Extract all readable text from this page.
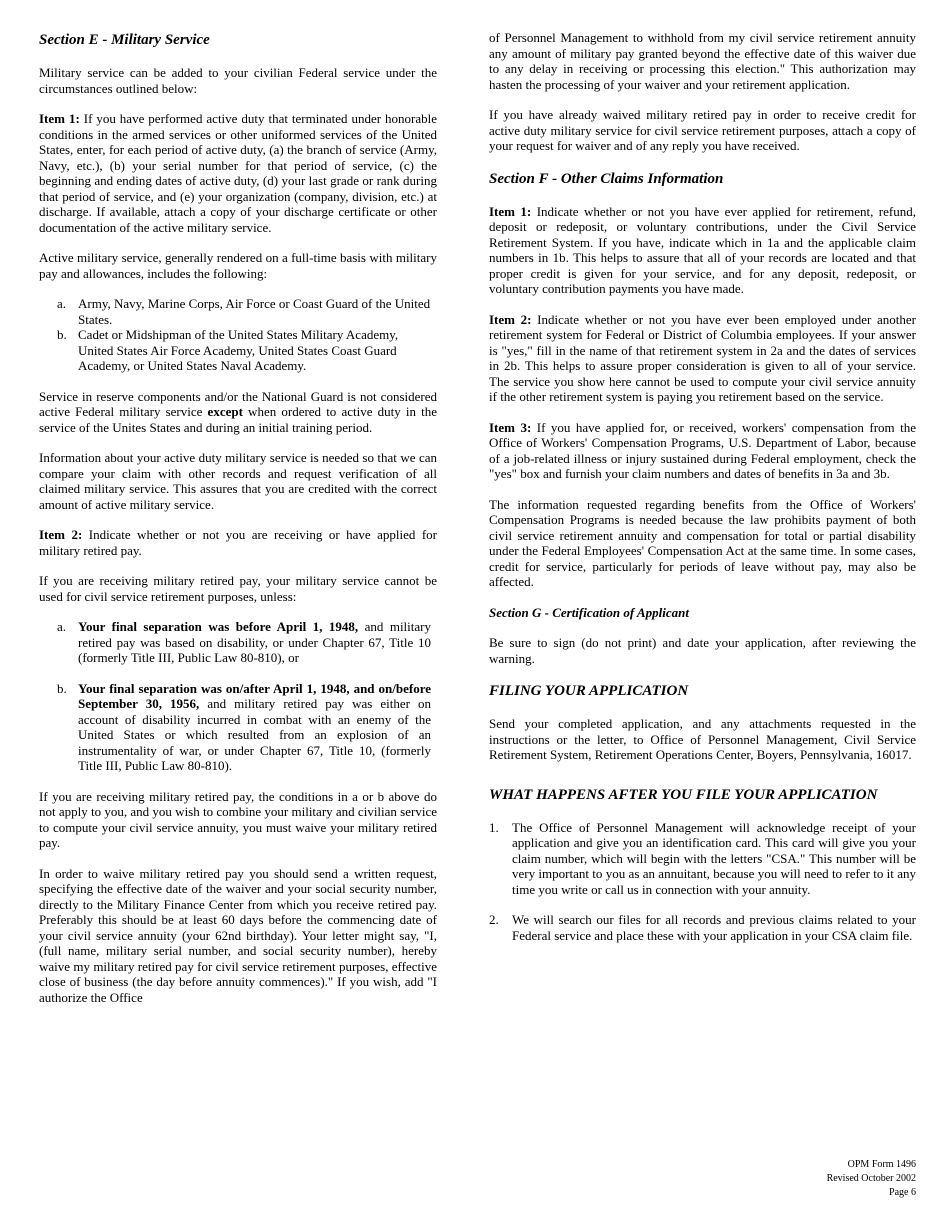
Section E - Military Service

Military service can be added to your civilian Federal service under the circumstances outlined below:

Item 1: If you have performed active duty that terminated under honorable conditions in the armed services or other uniformed services of the United States, enter, for each period of active duty, (a) the branch of service (Army, Navy, etc.), (b) your serial number for that period of service, (c) the beginning and ending dates of active duty, (d) your last grade or rank during that period of service, and (e) your organization (company, division, etc.) at discharge. If available, attach a copy of your discharge certificate or other documentation of the active military service.

Active military service, generally rendered on a full-time basis with military pay and allowances, includes the following:

a. Army, Navy, Marine Corps, Air Force or Coast Guard of the United States.
b. Cadet or Midshipman of the United States Military Academy, United States Air Force Academy, United States Coast Guard Academy, or United States Naval Academy.

Service in reserve components and/or the National Guard is not considered active Federal military service except when ordered to active duty in the service of the Unites States and during an initial training period.

Information about your active duty military service is needed so that we can compare your claim with other records and request verification of all claimed military service. This assures that you are credited with the correct amount of active military service.

Item 2: Indicate whether or not you are receiving or have applied for military retired pay.

If you are receiving military retired pay, your military service cannot be used for civil service retirement purposes, unless:

a. Your final separation was before April 1, 1948, and military retired pay was based on disability, or under Chapter 67, Title 10 (formerly Title III, Public Law 80-810), or
b. Your final separation was on/after April 1, 1948, and on/before September 30, 1956, and military retired pay was either on account of disability incurred in combat with an enemy of the United States or which resulted from an explosion of an instrumentality of war, or under Chapter 67, Title 10, (formerly Title III, Public Law 80-810).

If you are receiving military retired pay, the conditions in a or b above do not apply to you, and you wish to combine your military and civilian service to compute your civil service annuity, you must waive your military retired pay.

In order to waive military retired pay you should send a written request, specifying the effective date of the waiver and your social security number, directly to the Military Finance Center from which you receive retired pay. Preferably this should be at least 60 days before the commencing date of your civil service annuity (your 62nd birthday). Your letter might say, "I, (full name, military serial number, and social security number), hereby waive my military retired pay for civil service retirement purposes, effective close of business (the day before annuity commences)." If you wish, add "I authorize the Office

of Personnel Management to withhold from my civil service retirement annuity any amount of military pay granted beyond the effective date of this waiver due to any delay in receiving or processing this election." This authorization may hasten the processing of your waiver and your retirement application.

If you have already waived military retired pay in order to receive credit for active duty military service for civil service retirement purposes, attach a copy of your request for waiver and of any reply you have received.

Section F - Other Claims Information

Item 1: Indicate whether or not you have ever applied for retirement, refund, deposit or redeposit, or voluntary contributions, under the Civil Service Retirement System. If you have, indicate which in 1a and the applicable claim numbers in 1b. This helps to assure that all of your records are located and that proper credit is given for your service, and for any deposit, redeposit, or voluntary contribution payments you have made.

Item 2: Indicate whether or not you have ever been employed under another retirement system for Federal or District of Columbia employees. If your answer is "yes," fill in the name of that retirement system in 2a and the dates of services in 2b. This helps to assure proper consideration is given to all of your service. The service you show here cannot be used to compute your civil service annuity if the other retirement system is paying you retirement based on the service.

Item 3: If you have applied for, or received, workers' compensation from the Office of Workers' Compensation Programs, U.S. Department of Labor, because of a job-related illness or injury sustained during Federal employment, check the "yes" box and furnish your claim numbers and dates of benefits in 3a and 3b.

The information requested regarding benefits from the Office of Workers' Compensation Programs is needed because the law prohibits payment of both civil service retirement annuity and compensation for total or partial disability under the Federal Employees' Compensation Act at the same time. In some cases, credit for service, particularly for periods of leave without pay, may also be affected.

Section G - Certification of Applicant

Be sure to sign (do not print) and date your application, after reviewing the warning.

FILING YOUR APPLICATION

Send your completed application, and any attachments requested in the instructions or the letter, to Office of Personnel Management, Civil Service Retirement System, Retirement Operations Center, Boyers, Pennsylvania, 16017.

WHAT HAPPENS AFTER YOU FILE YOUR APPLICATION
1. The Office of Personnel Management will acknowledge receipt of your application and give you an identification card. This card will give you your claim number, which will begin with the letters "CSA." This number will be very important to you as an annuitant, because you will need to refer to it any time you write or call us in connection with your annuity.
2. We will search our files for all records and previous claims related to your Federal service and place these with your application in your CSA claim file.
OPM Form 1496
Revised October 2002
Page 6
